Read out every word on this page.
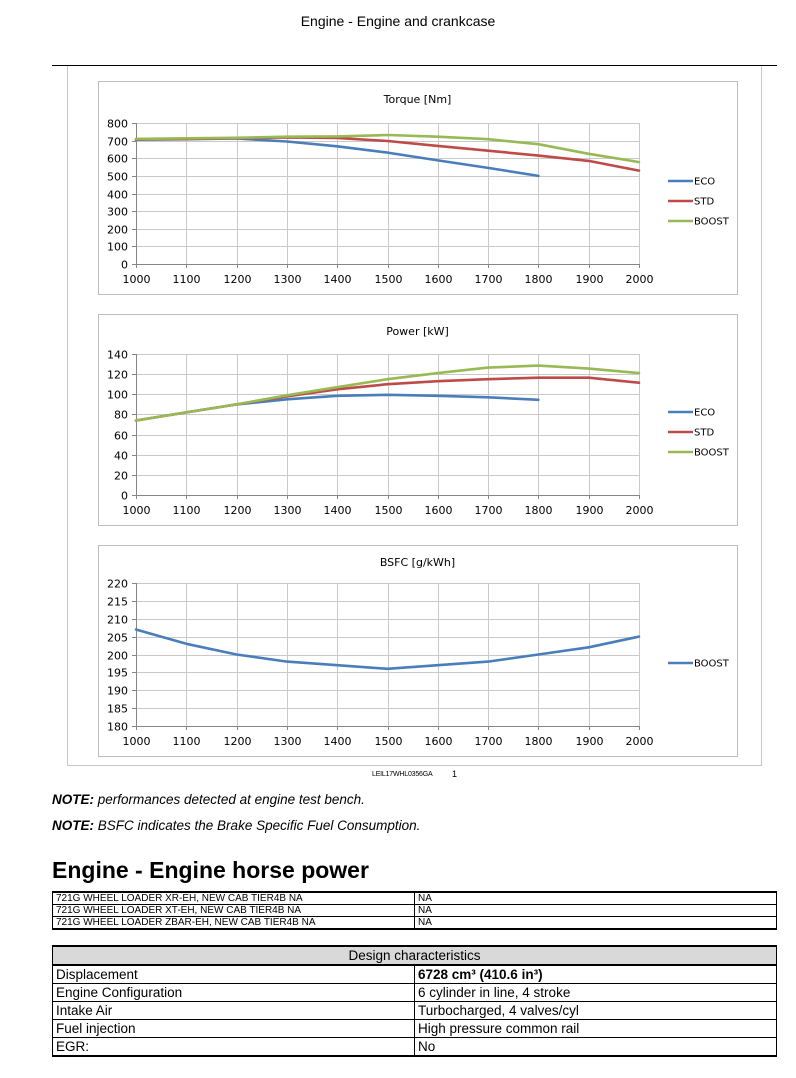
Engine - Engine and crankcase
Torque [Nm]
0
100
200
300
400
500
600
700
800
1000 1100 1200 1300 1400 1500 1600 1700 1800 1900 2000
ECO
STD
BOOST
Power [kW]
0
20
40
60
80
100
120
140
1000 1100 1200 1300 1400 1500 1600 1700 1800 1900 2000
ECO
STD
BOOST
BSFC [g/kWh]
180
185
190
195
200
205
210
215
220
1000 1100 1200 1300 1400 1500 1600 1700 1800 1900 2000
BOOST
LEIL17WHL0356GA 1
NOTE: performances detected at engine test bench.
NOTE: BSFC indicates the Brake Specific Fuel Consumption.
Engine - Engine horse power
721G WHEEL LOADER XR-EH, NEW CAB TIER4B NA	NA
721G WHEEL LOADER XT-EH, NEW CAB TIER4B NA	NA
721G WHEEL LOADER ZBAR-EH, NEW CAB TIER4B NA	NA
Design characteristics	
Displacement	6728 cm³ (410.6 in³)
Engine Configuration	6 cylinder in line, 4 stroke
Intake Air	Turbocharged, 4 valves/cyl
Fuel injection	High pressure common rail
EGR:	No
